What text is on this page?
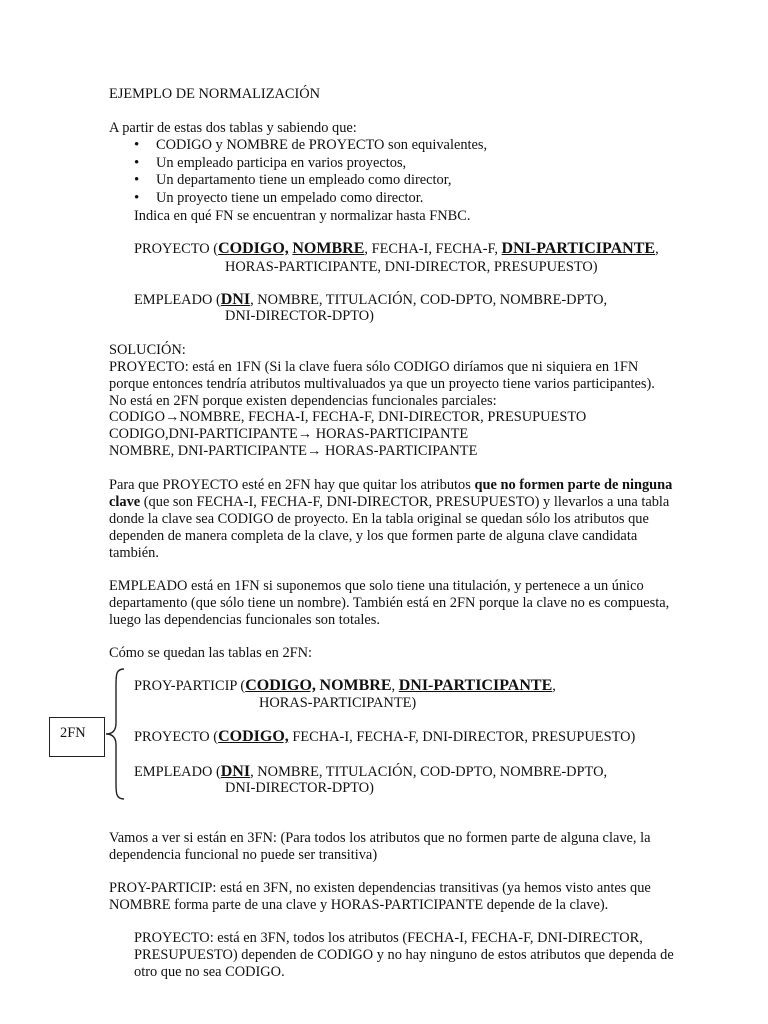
EJEMPLO DE NORMALIZACIÓN
A partir de estas dos tablas y sabiendo que:
• CODIGO y NOMBRE de PROYECTO son equivalentes,
• Un empleado participa en varios proyectos,
• Un departamento tiene un empleado como director,
• Un proyecto tiene un empelado como director.
Indica en qué FN se encuentran y normalizar hasta FNBC.
PROYECTO (CODIGO, NOMBRE, FECHA-I, FECHA-F, DNI-PARTICIPANTE,
HORAS-PARTICIPANTE, DNI-DIRECTOR, PRESUPUESTO)
EMPLEADO (DNI, NOMBRE, TITULACIÓN, COD-DPTO, NOMBRE-DPTO,
DNI-DIRECTOR-DPTO)
SOLUCIÓN:
PROYECTO: está en 1FN (Si la clave fuera sólo CODIGO diríamos que ni siquiera en 1FN
porque entonces tendría atributos multivaluados ya que un proyecto tiene varios participantes).
No está en 2FN porque existen dependencias funcionales parciales:
CODIGO→NOMBRE, FECHA-I, FECHA-F, DNI-DIRECTOR, PRESUPUESTO
CODIGO,DNI-PARTICIPANTE→ HORAS-PARTICIPANTE
NOMBRE, DNI-PARTICIPANTE→ HORAS-PARTICIPANTE
Para que PROYECTO esté en 2FN hay que quitar los atributos que no formen parte de ninguna
clave (que son FECHA-I, FECHA-F, DNI-DIRECTOR, PRESUPUESTO) y llevarlos a una tabla
donde la clave sea CODIGO de proyecto. En la tabla original se quedan sólo los atributos que
dependen de manera completa de la clave, y los que formen parte de alguna clave candidata
también.
EMPLEADO está en 1FN si suponemos que solo tiene una titulación, y pertenece a un único
departamento (que sólo tiene un nombre). También está en 2FN porque la clave no es compuesta,
luego las dependencias funcionales son totales.
Cómo se quedan las tablas en 2FN:
2FN
PROY-PARTICIP (CODIGO, NOMBRE, DNI-PARTICIPANTE,
HORAS-PARTICIPANTE)
PROYECTO (CODIGO, FECHA-I, FECHA-F, DNI-DIRECTOR, PRESUPUESTO)
EMPLEADO (DNI, NOMBRE, TITULACIÓN, COD-DPTO, NOMBRE-DPTO,
DNI-DIRECTOR-DPTO)
Vamos a ver si están en 3FN: (Para todos los atributos que no formen parte de alguna clave, la
dependencia funcional no puede ser transitiva)
PROY-PARTICIP: está en 3FN, no existen dependencias transitivas (ya hemos visto antes que
NOMBRE forma parte de una clave y HORAS-PARTICIPANTE depende de la clave).
PROYECTO: está en 3FN, todos los atributos (FECHA-I, FECHA-F, DNI-DIRECTOR,
PRESUPUESTO) dependen de CODIGO y no hay ninguno de estos atributos que dependa de
otro que no sea CODIGO.
